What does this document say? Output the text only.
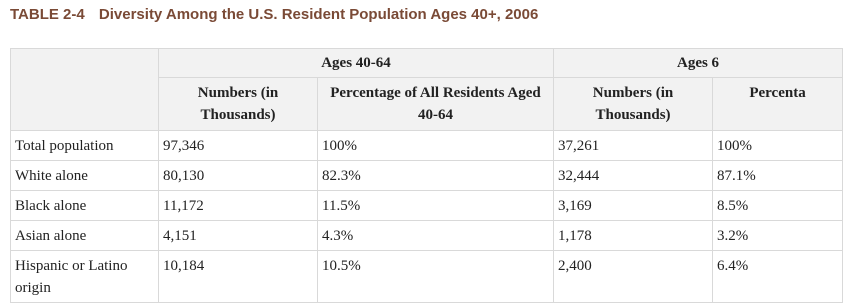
TABLE 2-4 Diversity Among the U.S. Resident Population Ages 40+, 2006
	Ages 40-64		Ages 6	
	Numbers (in Thousands)	Percentage of All Residents Aged 40-64	Numbers (in Thousands)	Percenta
Total population	97,346	100%	37,261	100%
White alone	80,130	82.3%	32,444	87.1%
Black alone	11,172	11.5%	3,169	8.5%
Asian alone	4,151	4.3%	1,178	3.2%
Hispanic or Latino origin	10,184	10.5%	2,400	6.4%
